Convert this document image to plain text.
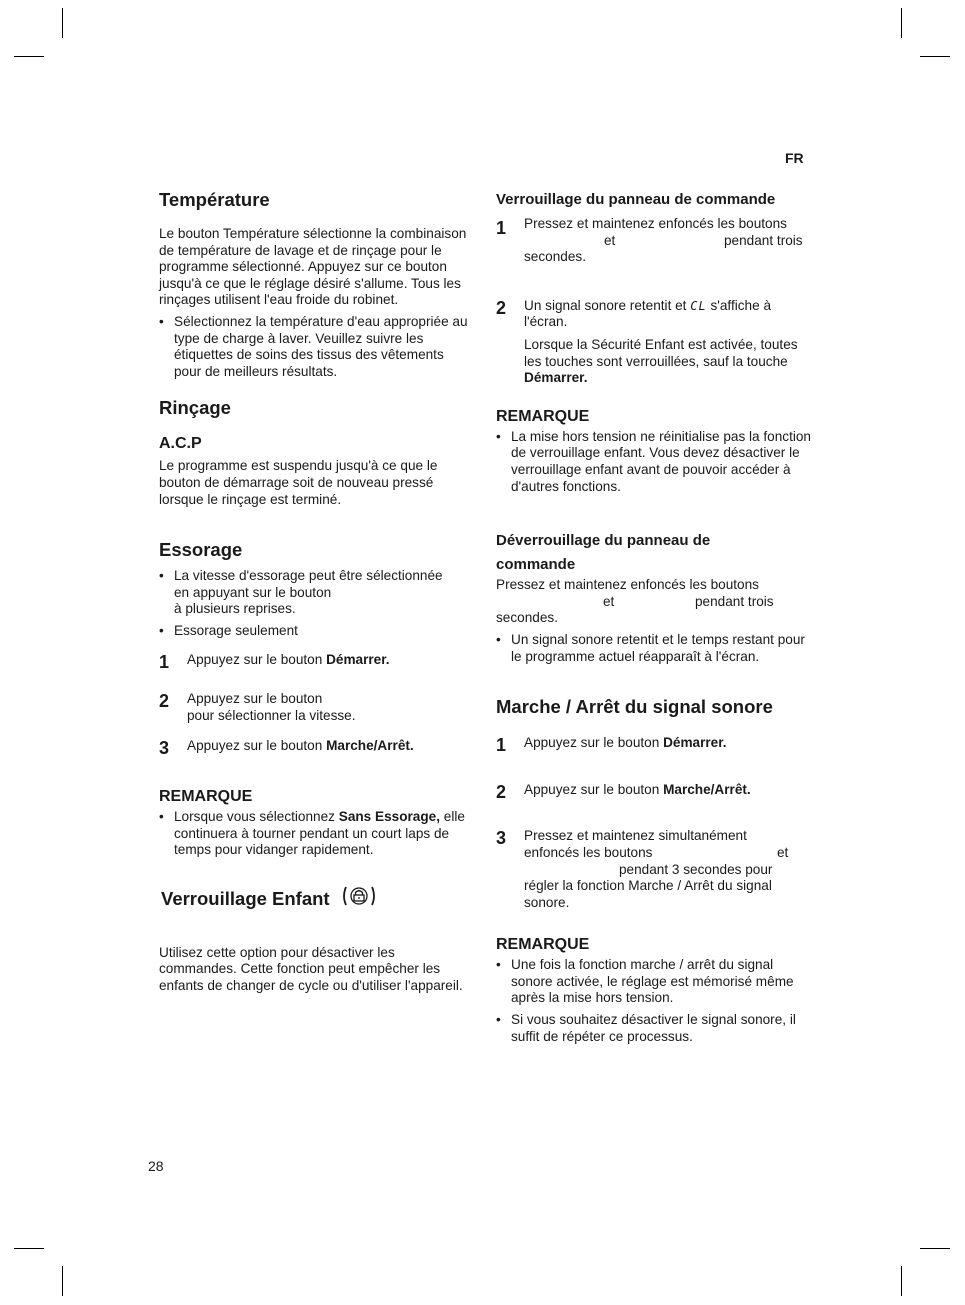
FR
28
Température

Le bouton Température sélectionne la combinaison de température de lavage et de rinçage pour le programme sélectionné. Appuyez sur ce bouton jusqu'à ce que le réglage désiré s'allume. Tous les rinçages utilisent l'eau froide du robinet.

• Sélectionnez la température d'eau appropriée au type de charge à laver. Veuillez suivre les étiquettes de soins des tissus des vêtements pour de meilleurs résultats.

Rinçage
A.C.P

Le programme est suspendu jusqu'à ce que le bouton de démarrage soit de nouveau pressé lorsque le rinçage est terminé.

Essorage
• La vitesse d'essorage peut être sélectionnée
en appuyant sur le bouton
à plusieurs reprises.

• Essorage seulement

1 Appuyez sur le bouton Démarrer.
2 Appuyez sur le bouton
pour sélectionner la vitesse.
3 Appuyez sur le bouton Marche/Arrêt.
REMARQUE

• Lorsque vous sélectionnez Sans Essorage, elle continuera à tourner pendant un court laps de temps pour vidanger rapidement.

Verrouillage Enfant

Utilisez cette option pour désactiver les commandes. Cette fonction peut empêcher les enfants de changer de cycle ou d'utiliser l'appareil.

Verrouillage du panneau de commande
1 Pressez et maintenez enfoncés les boutons
et	pendant trois
secondes.
2 Un signal sonore retentit et CL s'affiche à l'écran.
Lorsque la Sécurité Enfant est activée, toutes les touches sont verrouillées, sauf la touche Démarrer.
REMARQUE

• La mise hors tension ne réinitialise pas la fonction de verrouillage enfant. Vous devez désactiver le verrouillage enfant avant de pouvoir accéder à d'autres fonctions.

Déverrouillage du panneau de
commande
Pressez et maintenez enfoncés les boutons
et	pendant trois
secondes.

• Un signal sonore retentit et le temps restant pour le programme actuel réapparaît à l'écran.

Marche / Arrêt du signal sonore
1 Appuyez sur le bouton Démarrer.
2 Appuyez sur le bouton Marche/Arrêt.
3 Pressez et maintenez simultanément
enfoncés les boutons	et
pendant 3 secondes pour
régler la fonction Marche / Arrêt du signal sonore.
REMARQUE

• Une fois la fonction marche / arrêt du signal sonore activée, le réglage est mémorisé même après la mise hors tension.

• Si vous souhaitez désactiver le signal sonore, il suffit de répéter ce processus.
